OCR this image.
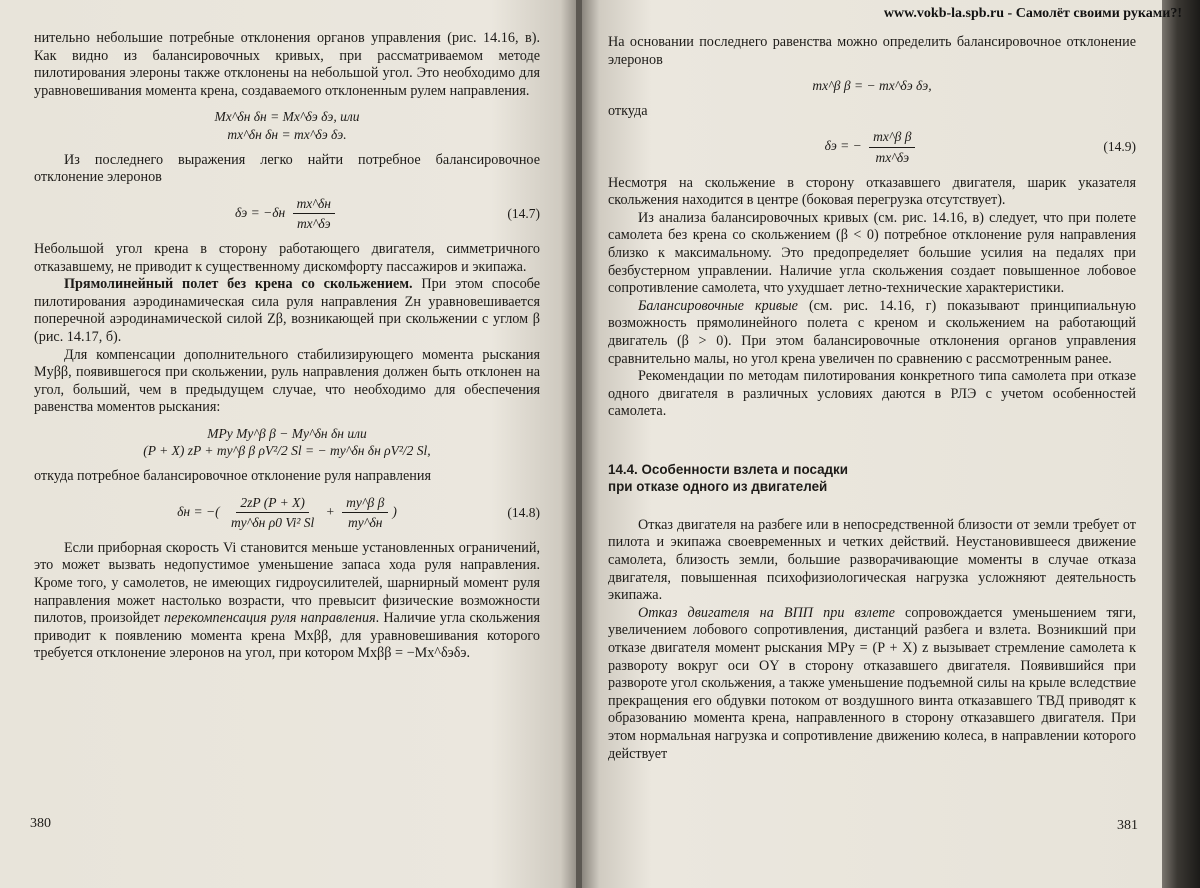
нительно небольшие потребные отклонения органов управления (рис. 14.16, в). Как видно из балансировочных кривых, при рассматриваемом методе пилотирования элероны также отклонены на небольшой угол. Это необходимо для уравновешивания момента крена, создаваемого отклоненным рулем направления.

Mx^δн δн = Mx^δэ δэ, или
mx^δн δн = mx^δэ δэ.

Из последнего выражения легко найти потребное балансировочное отклонение элеронов

$\delta э = -\delta н \frac{mx\^{}\delta н}{mx\^{}\delta э}$	(14.7)

Небольшой угол крена в сторону работающего двигателя, симметричного отказавшему, не приводит к существенному дискомфорту пассажиров и экипажа.

Прямолинейный полет без крена со скольжением. При этом способе пилотирования аэродинамическая сила руля направления Zн уравновешивается поперечной аэродинамической силой Zβ, возникающей при скольжении с углом β (рис. 14.17, б).

Для компенсации дополнительного стабилизирующего момента рыскания Myββ, появившегося при скольжении, руль направления должен быть отклонен на угол, больший, чем в предыдущем случае, что необходимо для обеспечения равенства моментов рыскания:

MPy My^β β − My^δн δн или
(P + X) zP + my^β β ρV²/2 Sl = − my^δн δн ρV²/2 Sl,

откуда потребное балансировочное отклонение руля направления

δн = −( $\frac{2zP (P + X)}{\text{my\textasciicircum{}δн ρ0 Vi² Sl}} + \frac{\text{my\textasciicircum{}β β}}{my\^{}\delta н}$ )	(14.8)

Если приборная скорость Vi становится меньше установленных ограничений, это может вызвать недопустимое уменьшение запаса хода руля направления. Кроме того, у самолетов, не имеющих гидроусилителей, шарнирный момент руля направления может настолько возрасти, что превысит физические возможности пилотов, произойдет перекомпенсация руля направления. Наличие угла скольжения приводит к появлению момента крена Mxββ, для уравновешивания которого требуется отклонение элеронов на угол, при котором Mxββ = −Mx^δэδэ.

380

На основании последнего равенства можно определить балансировочное отклонение элеронов

mx^β β = − mx^δэ δэ,

откуда

δэ = − $\frac{\text{mx\textasciicircum{}β β}}{mx\^{}\delta э}$	(14.9)

Несмотря на скольжение в сторону отказавшего двигателя, шарик указателя скольжения находится в центре (боковая перегрузка отсутствует).

Из анализа балансировочных кривых (см. рис. 14.16, в) следует, что при полете самолета без крена со скольжением (β < 0) потребное отклонение руля направления близко к максимальному. Это предопределяет большие усилия на педалях при безбустерном управлении. Наличие угла скольжения создает повышенное лобовое сопротивление самолета, что ухудшает летно-технические характеристики.

Балансировочные кривые (см. рис. 14.16, г) показывают принципиальную возможность прямолинейного полета с креном и скольжением на работающий двигатель (β > 0). При этом балансировочные отклонения органов управления сравнительно малы, но угол крена увеличен по сравнению с рассмотренным ранее.

Рекомендации по методам пилотирования конкретного типа самолета при отказе одного двигателя в различных условиях даются в РЛЭ с учетом особенностей самолета.

14.4. Особенности взлета и посадки
при отказе одного из двигателей

Отказ двигателя на разбеге или в непосредственной близости от земли требует от пилота и экипажа своевременных и четких действий. Неустановившееся движение самолета, близость земли, большие разворачивающие моменты в случае отказа двигателя, повышенная психофизиологическая нагрузка усложняют деятельность экипажа.

Отказ двигателя на ВПП при взлете сопровождается уменьшением тяги, увеличением лобового сопротивления, дистанций разбега и взлета. Возникший при отказе двигателя момент рыскания MPy = (P + X) z вызывает стремление самолета к развороту вокруг оси OY в сторону отказавшего двигателя. Появившийся при развороте угол скольжения, а также уменьшение подъемной силы на крыле вследствие прекращения его обдувки потоком от воздушного винта отказавшего ТВД приводят к образованию момента крена, направленного в сторону отказавшего двигателя. При этом нормальная нагрузка и сопротивление движению колеса, в направлении которого действует

381
www.vokb-la.spb.ru - Самолёт своими руками?!
